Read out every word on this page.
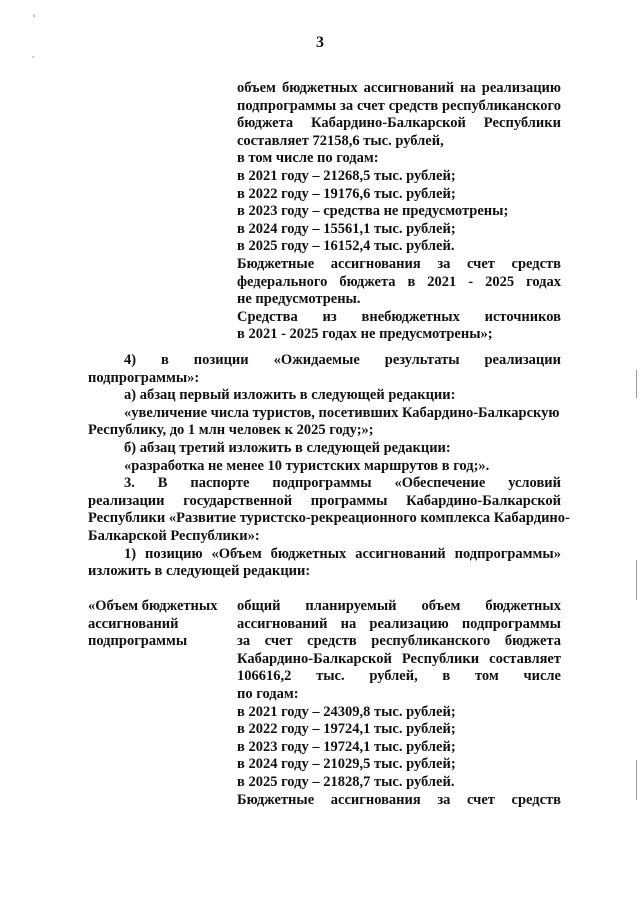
ᵕ
3
объем бюджетных ассигнований на реализацию
подпрограммы за счет средств республиканского
бюджета Кабардино-Балкарской Республики
составляет 72158,6 тыс. рублей,
в том числе по годам:
в 2021 году – 21268,5 тыс. рублей;
в 2022 году – 19176,6 тыс. рублей;
в 2023 году – средства не предусмотрены;
в 2024 году – 15561,1 тыс. рублей;
в 2025 году – 16152,4 тыс. рублей.
Бюджетные ассигнования за счет средств
федерального бюджета в 2021 - 2025 годах
не предусмотрены.
Средства из внебюджетных источников
в 2021 - 2025 годах не предусмотрены»;
4) в позиции «Ожидаемые результаты реализации
подпрограммы»:
а) абзац первый изложить в следующей редакции:
«увеличение числа туристов, посетивших Кабардино-Балкарскую
Республику, до 1 млн человек к 2025 году;»;
б) абзац третий изложить в следующей редакции:
«разработка не менее 10 туристских маршрутов в год;».
3. В паспорте подпрограммы «Обеспечение условий
реализации государственной программы Кабардино-Балкарской
Республики «Развитие туристско-рекреационного комплекса Кабардино-
Балкарской Республики»:
1) позицию «Объем бюджетных ассигнований подпрограммы»
изложить в следующей редакции:
«Объем бюджетных
ассигнований
подпрограммы
общий планируемый объем бюджетных
ассигнований на реализацию подпрограммы
за счет средств республиканского бюджета
Кабардино-Балкарской Республики составляет
106616,2 тыс. рублей, в том числе
по годам:
в 2021 году – 24309,8 тыс. рублей;
в 2022 году – 19724,1 тыс. рублей;
в 2023 году – 19724,1 тыс. рублей;
в 2024 году – 21029,5 тыс. рублей;
в 2025 году – 21828,7 тыс. рублей.
Бюджетные ассигнования за счет средств
